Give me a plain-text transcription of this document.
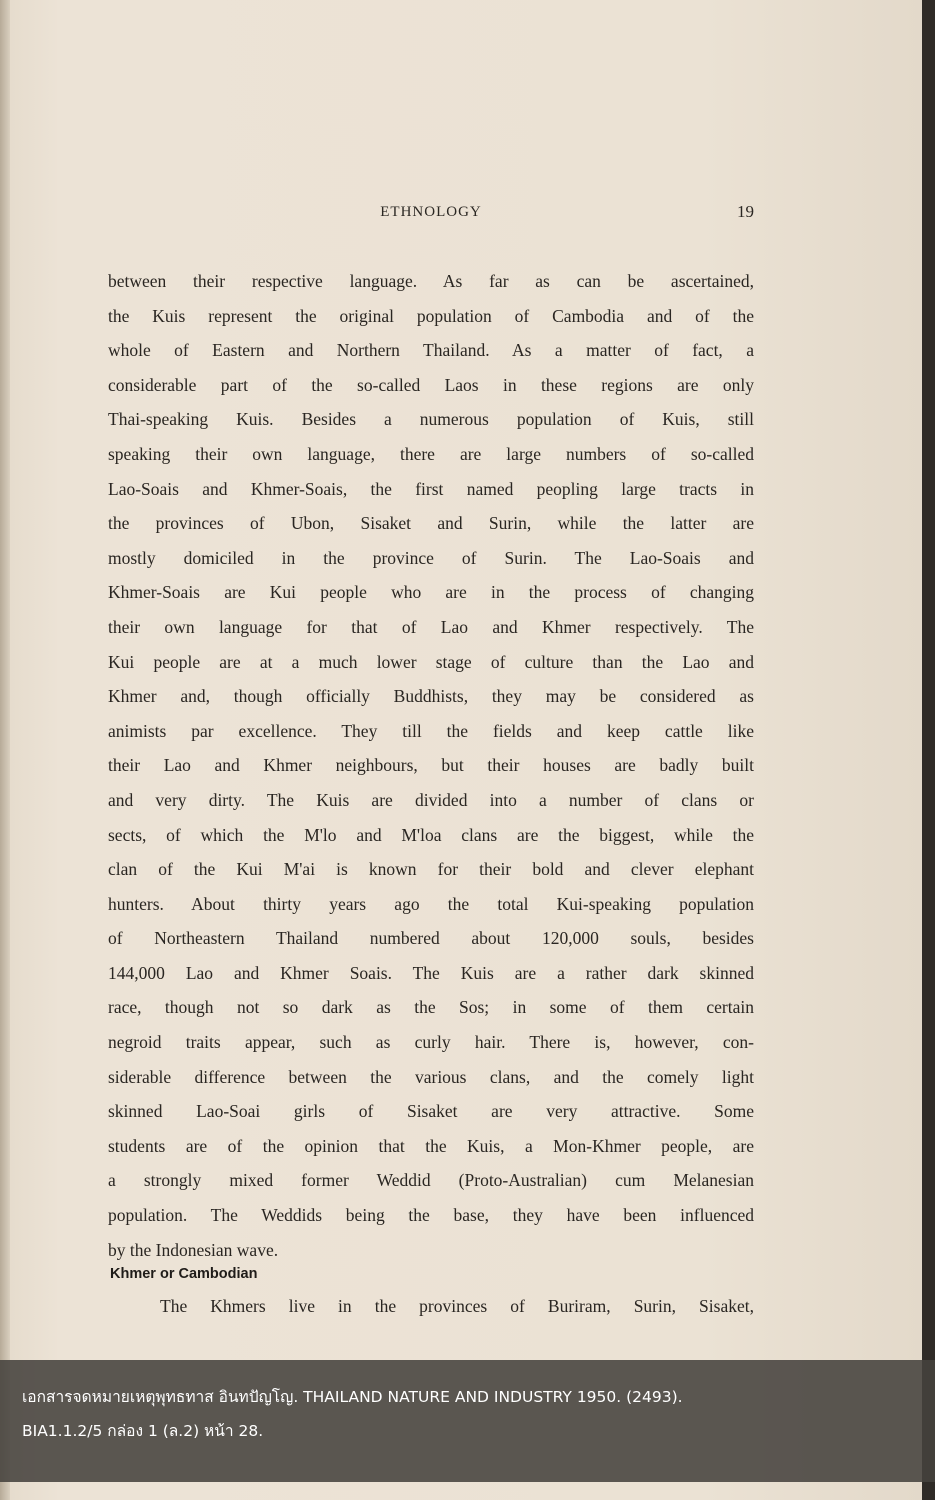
ETHNOLOGY	19

between their respective language. As far as can be ascertained,
the Kuis represent the original population of Cambodia and of the
whole of Eastern and Northern Thailand. As a matter of fact, a
considerable part of the so-called Laos in these regions are only
Thai-speaking Kuis. Besides a numerous population of Kuis, still
speaking their own language, there are large numbers of so-called
Lao-Soais and Khmer-Soais, the first named peopling large tracts in
the provinces of Ubon, Sisaket and Surin, while the latter are
mostly domiciled in the province of Surin. The Lao-Soais and
Khmer-Soais are Kui people who are in the process of changing
their own language for that of Lao and Khmer respectively. The
Kui people are at a much lower stage of culture than the Lao and
Khmer and, though officially Buddhists, they may be considered as
animists par excellence. They till the fields and keep cattle like
their Lao and Khmer neighbours, but their houses are badly built
and very dirty. The Kuis are divided into a number of clans or
sects, of which the M'lo and M'loa clans are the biggest, while the
clan of the Kui M'ai is known for their bold and clever elephant
hunters. About thirty years ago the total Kui-speaking population
of Northeastern Thailand numbered about 120,000 souls, besides
144,000 Lao and Khmer Soais. The Kuis are a rather dark skinned
race, though not so dark as the Sos; in some of them certain
negroid traits appear, such as curly hair. There is, however, con-
siderable difference between the various clans, and the comely light
skinned Lao-Soai girls of Sisaket are very attractive. Some
students are of the opinion that the Kuis, a Mon-Khmer people, are
a strongly mixed former Weddid (Proto-Australian) cum Melanesian
population. The Weddids being the base, they have been influenced
by the Indonesian wave.

Khmer or Cambodian
The Khmers live in the provinces of Buriram, Surin, Sisaket,
เอกสารจดหมายเหตุพุทธทาส อินทปัญโญ. THAILAND NATURE AND INDUSTRY 1950. (2493).
BIA1.1.2/5 กล่อง 1 (ล.2) หน้า 28.
